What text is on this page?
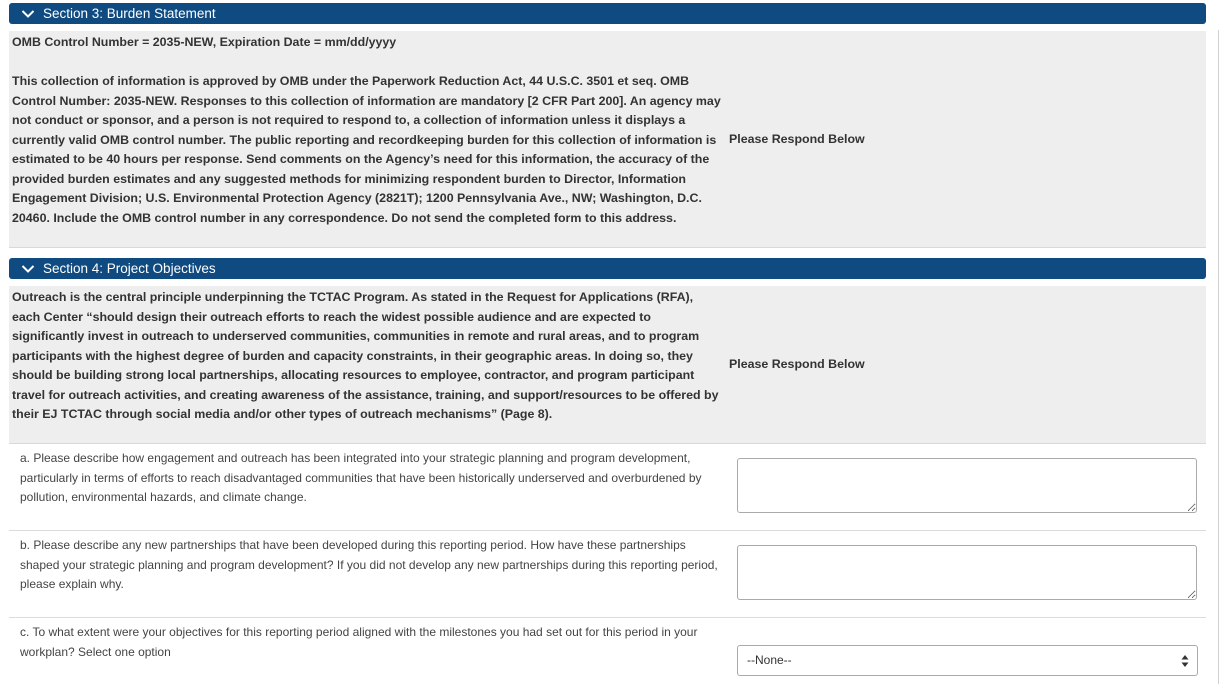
Section 3: Burden Statement
OMB Control Number = 2035-NEW, Expiration Date = mm/dd/yyyy
This collection of information is approved by OMB under the Paperwork Reduction Act, 44 U.S.C. 3501 et seq. OMB Control Number: 2035-NEW. Responses to this collection of information are mandatory [2 CFR Part 200]. An agency may not conduct or sponsor, and a person is not required to respond to, a collection of information unless it displays a currently valid OMB control number. The public reporting and recordkeeping burden for this collection of information is estimated to be 40 hours per response. Send comments on the Agency’s need for this information, the accuracy of the provided burden estimates and any suggested methods for minimizing respondent burden to Director, Information Engagement Division; U.S. Environmental Protection Agency (2821T); 1200 Pennsylvania Ave., NW; Washington, D.C. 20460. Include the OMB control number in any correspondence. Do not send the completed form to this address.
Please Respond Below
Section 4: Project Objectives
Outreach is the central principle underpinning the TCTAC Program. As stated in the Request for Applications (RFA), each Center “should design their outreach efforts to reach the widest possible audience and are expected to significantly invest in outreach to underserved communities, communities in remote and rural areas, and to program participants with the highest degree of burden and capacity constraints, in their geographic areas. In doing so, they should be building strong local partnerships, allocating resources to employee, contractor, and program participant travel for outreach activities, and creating awareness of the assistance, training, and support/resources to be offered by their EJ TCTAC through social media and/or other types of outreach mechanisms” (Page 8).
Please Respond Below
a. Please describe how engagement and outreach has been integrated into your strategic planning and program development, particularly in terms of efforts to reach disadvantaged communities that have been historically underserved and overburdened by pollution, environmental hazards, and climate change.
b. Please describe any new partnerships that have been developed during this reporting period. How have these partnerships shaped your strategic planning and program development? If you did not develop any new partnerships during this reporting period, please explain why.
c. To what extent were your objectives for this reporting period aligned with the milestones you had set out for this period in your workplan? Select one option
--None--
